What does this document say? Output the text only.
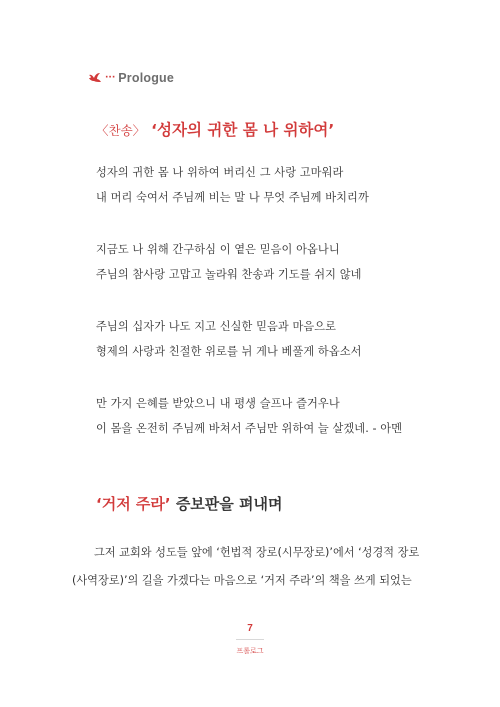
··· Prologue
〈찬송〉 ‘성자의 귀한 몸 나 위하여’

성자의 귀한 몸 나 위하여 버리신 그 사랑 고마워라

내 머리 숙여서 주님께 비는 말 나 무엇 주님께 바치리까

지금도 나 위해 간구하심 이 옅은 믿음이 아옵나니

주님의 참사랑 고맙고 놀라워 찬송과 기도를 쉬지 않네

주님의 십자가 나도 지고 신실한 믿음과 마음으로

형제의 사랑과 친절한 위로를 뉘 게나 베풀게 하옵소서

만 가지 은혜를 받았으니 내 평생 슬프나 즐거우나

이 몸을 온전히 주님께 바쳐서 주님만 위하여 늘 살겠네. - 아멘

‘거저 주라’ 증보판을 펴내며

그저 교회와 성도들 앞에 ‘헌법적 장로(시무장로)’에서 ‘성경적 장로

(사역장로)’의 길을 가겠다는 마음으로 ‘거저 주라’의 책을 쓰게 되었는

7
프롤로그
